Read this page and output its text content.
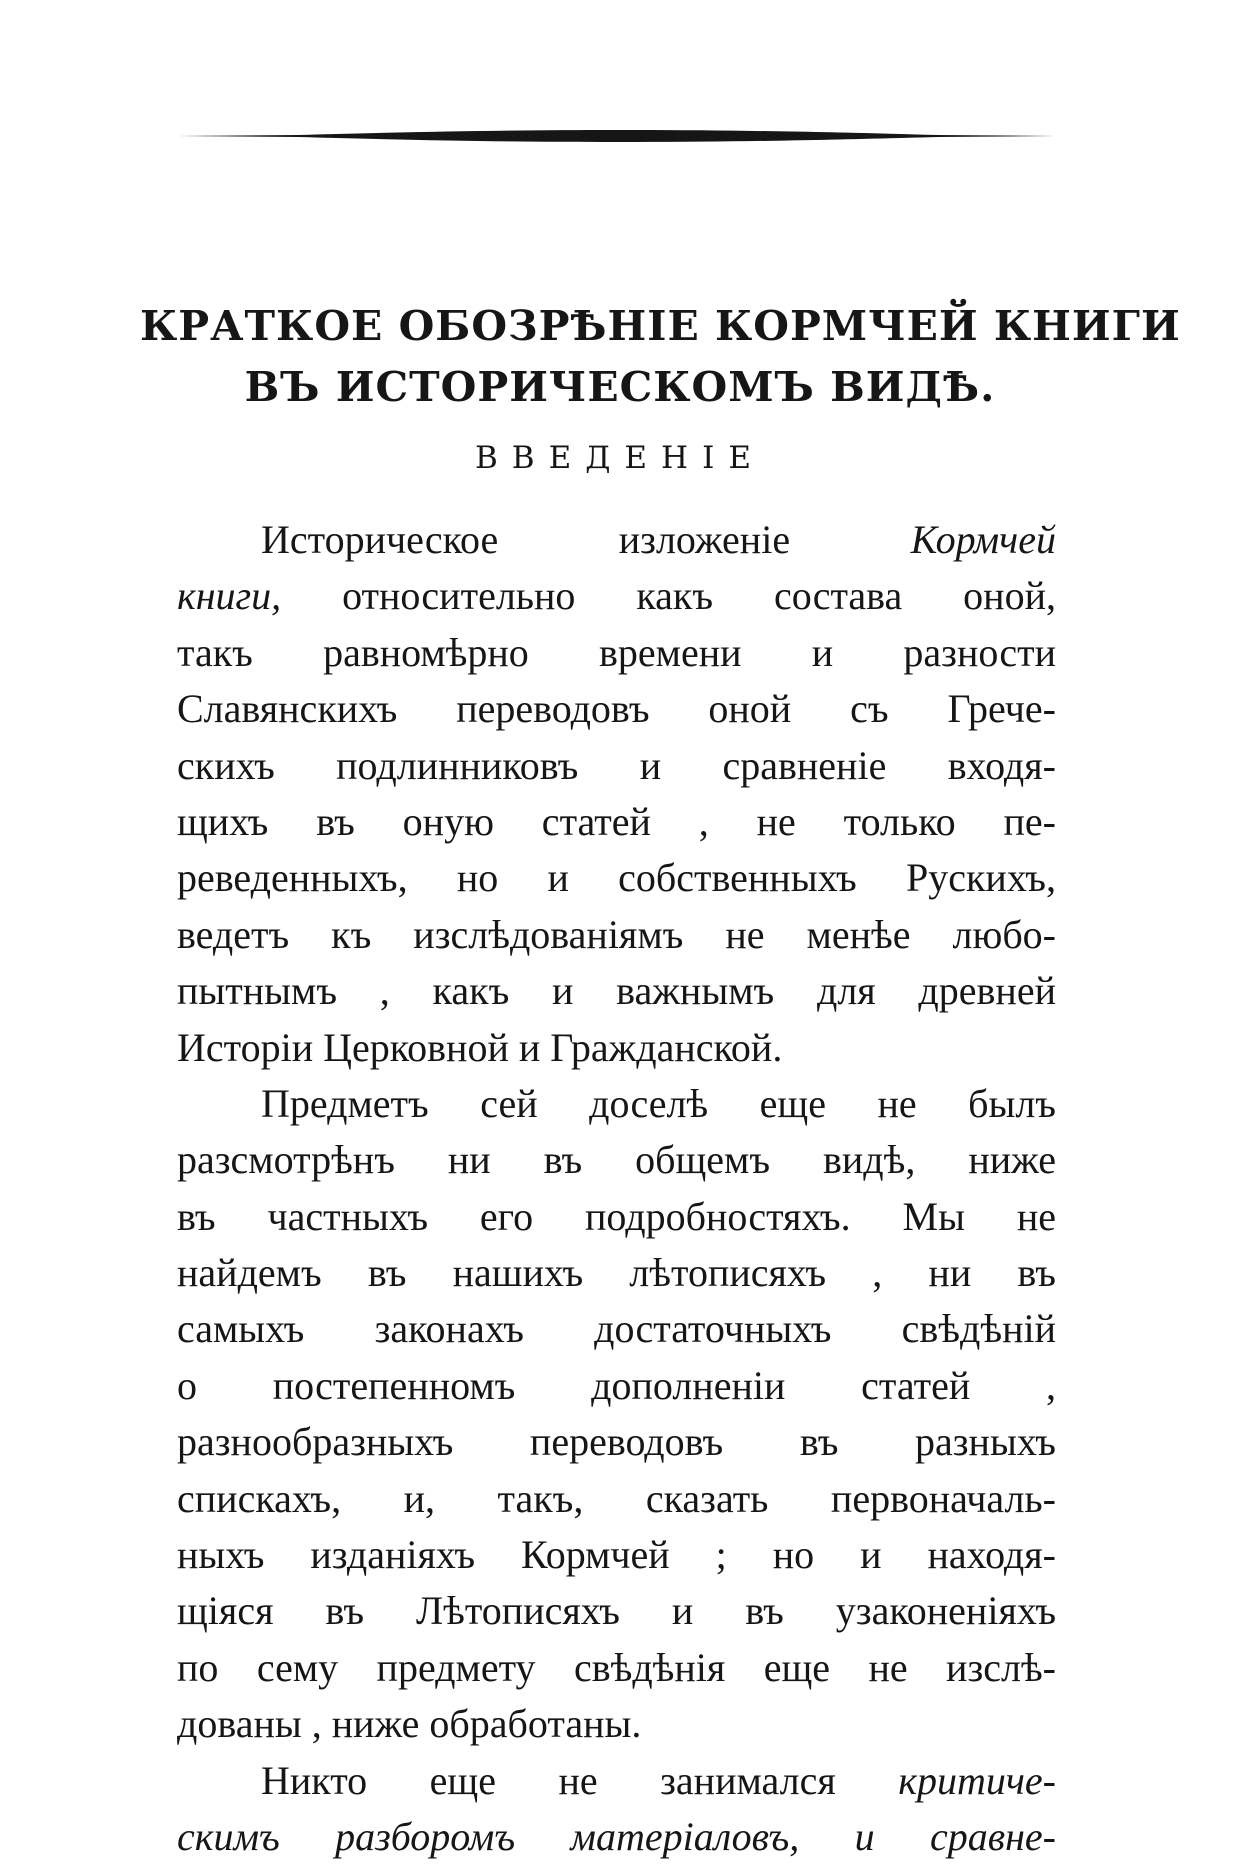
КРАТКОЕ ОБОЗРѢНІЕ КОРМЧЕЙ КНИГИ
ВЪ ИСТОРИЧЕСКОМЪ ВИДѢ.
ВВЕДЕНІЕ
Историческое изложеніе Кормчей
книги, относительно какъ состава оной,
такъ равномѣрно времени и разности
Славянскихъ переводовъ оной съ Грече-
скихъ подлинниковъ и сравненіе входя-
щихъ въ оную статей , не только пе-
реведенныхъ, но и собственныхъ Рускихъ,
ведетъ къ изслѣдованіямъ не менѣе любо-
пытнымъ , какъ и важнымъ для древней
Исторіи Церковной и Гражданской.
Предметъ сей доселѣ еще не былъ
разсмотрѣнъ ни въ общемъ видѣ, ниже
въ частныхъ его подробностяхъ. Мы не
найдемъ въ нашихъ лѣтописяхъ , ни въ
самыхъ законахъ достаточныхъ свѣдѣній
о постепенномъ дополненіи статей ,
разнообразныхъ переводовъ въ разныхъ
спискахъ, и, такъ, сказать первоначаль-
ныхъ изданіяхъ Кормчей ; но и находя-
щіяся въ Лѣтописяхъ и въ узаконеніяхъ
по сему предмету свѣдѣнія еще не изслѣ-
дованы , ниже обработаны.
Никто еще не занимался критиче-
скимъ разборомъ матеріаловъ, и сравне-
